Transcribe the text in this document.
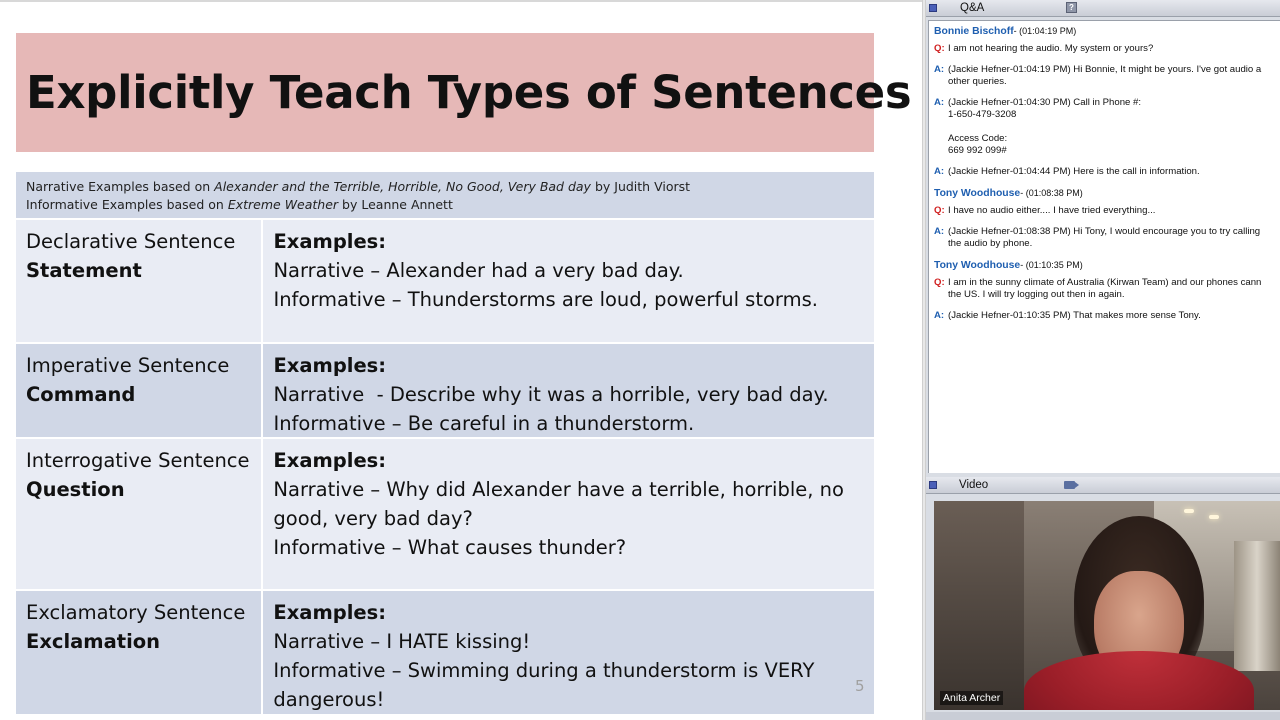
Explicitly Teach Types of Sentences
Narrative Examples based on Alexander and the Terrible, Horrible, No Good, Very Bad day by Judith Viorst
Informative Examples based on Extreme Weather by Leanne Annett
Declarative Sentence
Statement
Examples:
Narrative – Alexander had a very bad day.
Informative – Thunderstorms are loud, powerful storms.
Imperative Sentence
Command
Examples:
Narrative  - Describe why it was a horrible, very bad day.
Informative – Be careful in a thunderstorm.
Interrogative Sentence
Question
Examples:
Narrative – Why did Alexander have a terrible, horrible, no good, very bad day?
Informative – What causes thunder?
Exclamatory Sentence
Exclamation
Examples:
Narrative – I HATE kissing!
Informative – Swimming during a thunderstorm is VERY dangerous!
5
Q&A	?
Bonnie Bischoff- (01:04:19 PM)
Q: I am not hearing the audio. My system or yours?
A: (Jackie Hefner-01:04:19 PM) Hi Bonnie, It might be yours. I've got audio a
other queries.
A: (Jackie Hefner-01:04:30 PM) Call in Phone #:
1-650-479-3208
Access Code:
669 992 099#
A: (Jackie Hefner-01:04:44 PM) Here is the call in information.
Tony Woodhouse- (01:08:38 PM)
Q: I have no audio either.... I have tried everything...
A: (Jackie Hefner-01:08:38 PM) Hi Tony, I would encourage you to try calling
the audio by phone.
Tony Woodhouse- (01:10:35 PM)
Q: I am in the sunny climate of Australia (Kirwan Team) and our phones cann
the US. I will try logging out then in again.
A: (Jackie Hefner-01:10:35 PM) That makes more sense Tony.
Video
Anita Archer
